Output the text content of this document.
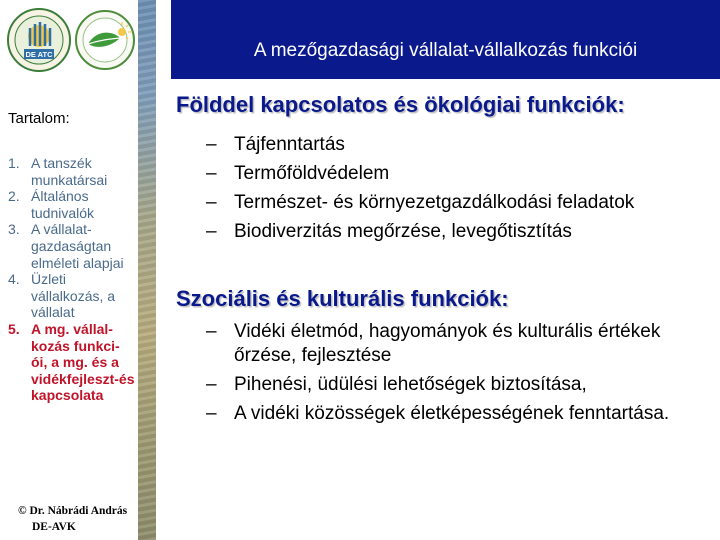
DE ATC
Tartalom:
1. A tanszék munkatársai
2. Általános tudnivalók
3. A vállalat-gazdaságtan elméleti alapjai
4. Üzleti vállalkozás, a vállalat
5. A mg. vállal-kozás funkci-ói, a mg. és a vidékfejleszt-és kapcsolata
© Dr. Nábrádi András
DE-AVK
A mezőgazdasági vállalat-vállalkozás funkciói
Földdel kapcsolatos és ökológiai funkciók:
– Tájfenntartás
– Termőföldvédelem
– Természet- és környezetgazdálkodási feladatok
– Biodiverzitás megőrzése, levegőtisztítás
Szociális és kulturális funkciók:
– Vidéki életmód, hagyományok és kulturális értékek őrzése, fejlesztése
– Pihenési, üdülési lehetőségek biztosítása,
– A vidéki közösségek életképességének fenntartása.
